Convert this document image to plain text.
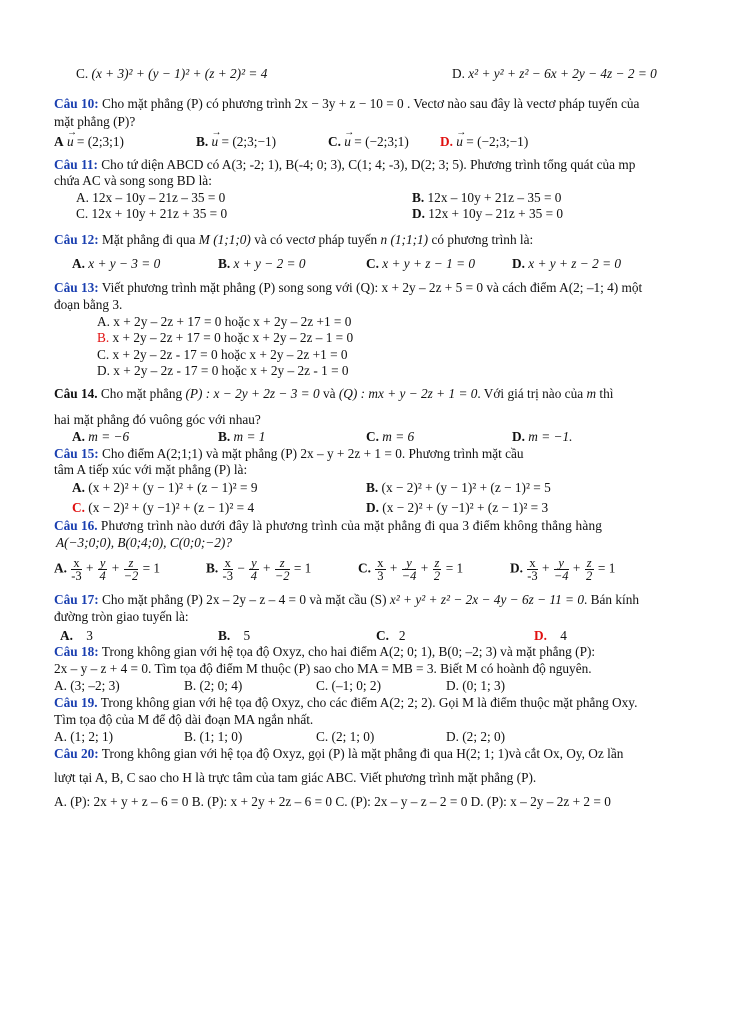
C. (x + 3)² + (y − 1)² + (z + 2)² = 4	D. x² + y² + z² − 6x + 2y − 4z − 2 = 0
Câu 10: Cho mặt phẳng (P) có phương trình 2x − 3y + z − 10 = 0 . Vectơ nào sau đây là vectơ pháp tuyến của
mặt phẳng (P)?
A → u = (2;3;1)	B. → u = (2;3;−1)	C. → u = (−2;3;1) D. → u = (−2;3;−1)
Câu 11: Cho tứ diện ABCD có A(3; -2; 1), B(-4; 0; 3), C(1; 4; -3), D(2; 3; 5). Phương trình tổng quát của mp
chứa AC và song song BD là:
A. 12x – 10y – 21z – 35 = 0	B. 12x – 10y + 21z – 35 = 0
C. 12x + 10y + 21z + 35 = 0	D. 12x + 10y – 21z + 35 = 0
Câu 12: Mặt phẳng đi qua M (1;1;0) và có vectơ pháp tuyến n (1;1;1) có phương trình là:
A. x + y − 3 = 0	B. x + y − 2 = 0	C. x + y + z − 1 = 0	D. x + y + z − 2 = 0
Câu 13: Viết phương trình mặt phẳng (P) song song với (Q): x + 2y – 2z + 5 = 0 và cách điểm A(2; –1; 4) một
đoạn bằng 3.
A. x + 2y – 2z + 17 = 0 hoặc x + 2y – 2z +1 = 0
B. x + 2y – 2z + 17 = 0 hoặc x + 2y – 2z – 1 = 0
C. x + 2y – 2z - 17 = 0 hoặc x + 2y – 2z +1 = 0
D. x + 2y – 2z - 17 = 0 hoặc x + 2y – 2z - 1 = 0
Câu 14. Cho mặt phẳng (P) : x − 2y + 2z − 3 = 0 và (Q) : mx + y − 2z + 1 = 0. Với giá trị nào của m thì
hai mặt phẳng đó vuông góc với nhau?
A. m = −6	B. m = 1	C. m = 6	D. m = −1.
Câu 15: Cho điểm A(2;1;1) và mặt phẳng (P) 2x – y + 2z + 1 = 0. Phương trình mặt cầu
tâm A tiếp xúc với mặt phẳng (P) là:
A. (x + 2)² + (y − 1)² + (z − 1)² = 9	B. (x − 2)² + (y − 1)² + (z − 1)² = 5
C. (x − 2)² + (y −1)² + (z − 1)² = 4	D. (x − 2)² + (y −1)² + (z − 1)² = 3
Câu 16. Phương trình nào dưới đây là phương trình của mặt phẳng đi qua 3 điểm không thẳng hàng
A(−3;0;0), B(0;4;0), C(0;0;−2)?
A. $\frac{x}{-3} + \frac{y}{4} + \frac{z}{-2} = 1$	B. $\frac{x}{-3} - \frac{y}{4} + \frac{z}{-2} = 1$	C. $\frac{x}{3} + \frac{y}{-4} + \frac{z}{2} = 1$	D. $\frac{x}{-3} + \frac{y}{-4} + \frac{z}{2} = 1$
Câu 17: Cho mặt phẳng (P) 2x – 2y – z – 4 = 0 và mặt cầu (S) x² + y² + z² − 2x − 4y − 6z − 11 = 0. Bán kính
đường tròn giao tuyến là:
A. 3	B. 5	C. 2	D. 4
Câu 18: Trong không gian với hệ tọa độ Oxyz, cho hai điểm A(2; 0; 1), B(0; –2; 3) và mặt phẳng (P):
2x – y – z + 4 = 0. Tìm tọa độ điểm M thuộc (P) sao cho MA = MB = 3. Biết M có hoành độ nguyên.
A. (3; –2; 3)	B. (2; 0; 4)	C. (–1; 0; 2)	D. (0; 1; 3)
Câu 19. Trong không gian với hệ tọa độ Oxyz, cho các điểm A(2; 2; 2). Gọi M là điểm thuộc mặt phẳng Oxy.
Tìm tọa độ của M để độ dài đoạn MA ngắn nhất.
A. (1; 2; 1)	B. (1; 1; 0)	C. (2; 1; 0)	D. (2; 2; 0)
Câu 20: Trong không gian với hệ tọa độ Oxyz, gọi (P) là mặt phẳng đi qua H(2; 1; 1)và cắt Ox, Oy, Oz lần
lượt tại A, B, C sao cho H là trực tâm của tam giác ABC. Viết phương trình mặt phẳng (P).
A. (P): 2x + y + z – 6 = 0 B. (P): x + 2y + 2z – 6 = 0 C. (P): 2x – y – z – 2 = 0 D. (P): x – 2y – 2z + 2 = 0
